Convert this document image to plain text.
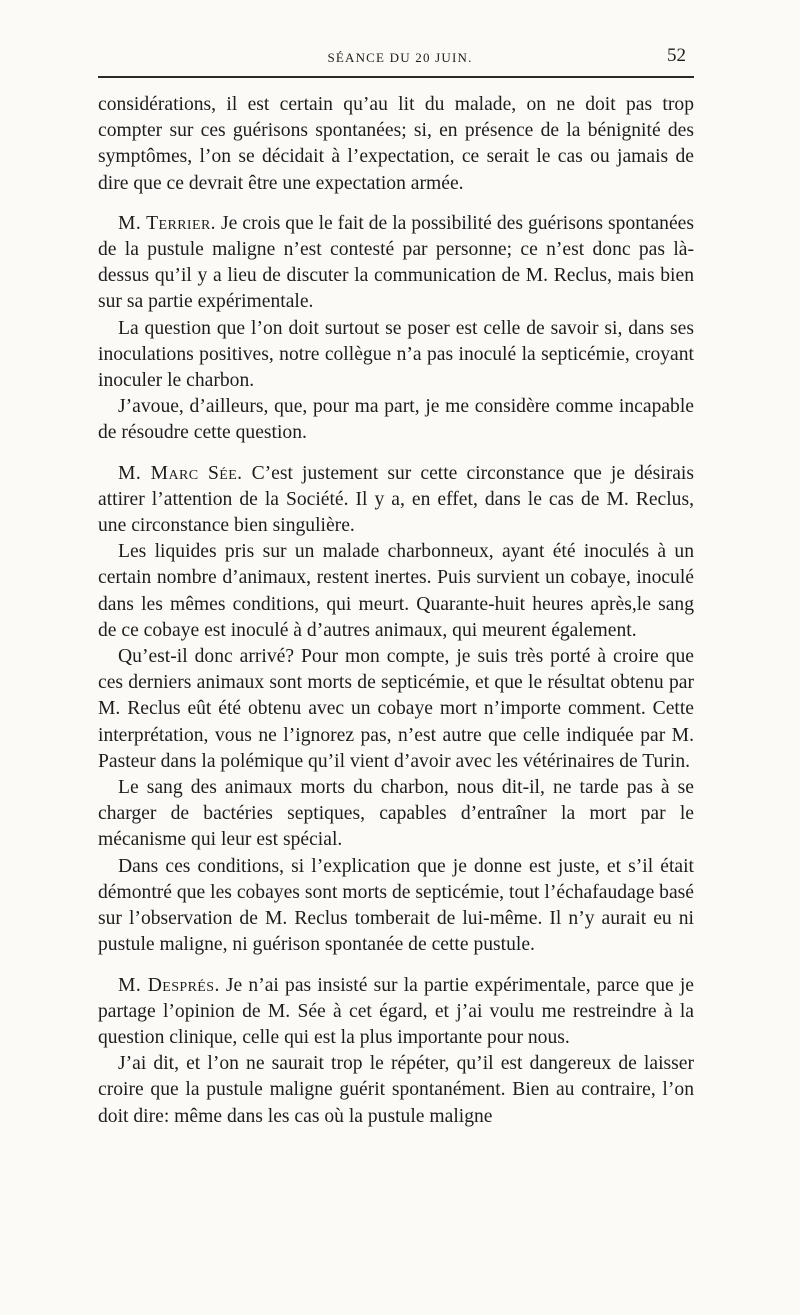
SÉANCE DU 20 JUIN.	52

considérations, il est certain qu’au lit du malade, on ne doit pas trop compter sur ces guérisons spontanées; si, en présence de la bénignité des symptômes, l’on se décidait à l’expectation, ce serait le cas ou jamais de dire que ce devrait être une expectation armée.

M. Terrier. Je crois que le fait de la possibilité des guérisons spontanées de la pustule maligne n’est contesté par personne; ce n’est donc pas là-dessus qu’il y a lieu de discuter la communication de M. Reclus, mais bien sur sa partie expérimentale.

La question que l’on doit surtout se poser est celle de savoir si, dans ses inoculations positives, notre collègue n’a pas inoculé la septicémie, croyant inoculer le charbon.

J’avoue, d’ailleurs, que, pour ma part, je me considère comme incapable de résoudre cette question.

M. Marc Sée. C’est justement sur cette circonstance que je désirais attirer l’attention de la Société. Il y a, en effet, dans le cas de M. Reclus, une circonstance bien singulière.

Les liquides pris sur un malade charbonneux, ayant été inoculés à un certain nombre d’animaux, restent inertes. Puis survient un cobaye, inoculé dans les mêmes conditions, qui meurt. Quarante-huit heures après,le sang de ce cobaye est inoculé à d’autres animaux, qui meurent également.

Qu’est-il donc arrivé? Pour mon compte, je suis très porté à croire que ces derniers animaux sont morts de septicémie, et que le résultat obtenu par M. Reclus eût été obtenu avec un cobaye mort n’importe comment. Cette interprétation, vous ne l’ignorez pas, n’est autre que celle indiquée par M. Pasteur dans la polémique qu’il vient d’avoir avec les vétérinaires de Turin.

Le sang des animaux morts du charbon, nous dit-il, ne tarde pas à se charger de bactéries septiques, capables d’entraîner la mort par le mécanisme qui leur est spécial.

Dans ces conditions, si l’explication que je donne est juste, et s’il était démontré que les cobayes sont morts de septicémie, tout l’échafaudage basé sur l’observation de M. Reclus tomberait de lui-même. Il n’y aurait eu ni pustule maligne, ni guérison spontanée de cette pustule.

M. Després. Je n’ai pas insisté sur la partie expérimentale, parce que je partage l’opinion de M. Sée à cet égard, et j’ai voulu me restreindre à la question clinique, celle qui est la plus importante pour nous.

J’ai dit, et l’on ne saurait trop le répéter, qu’il est dangereux de laisser croire que la pustule maligne guérit spontanément. Bien au contraire, l’on doit dire: même dans les cas où la pustule maligne
